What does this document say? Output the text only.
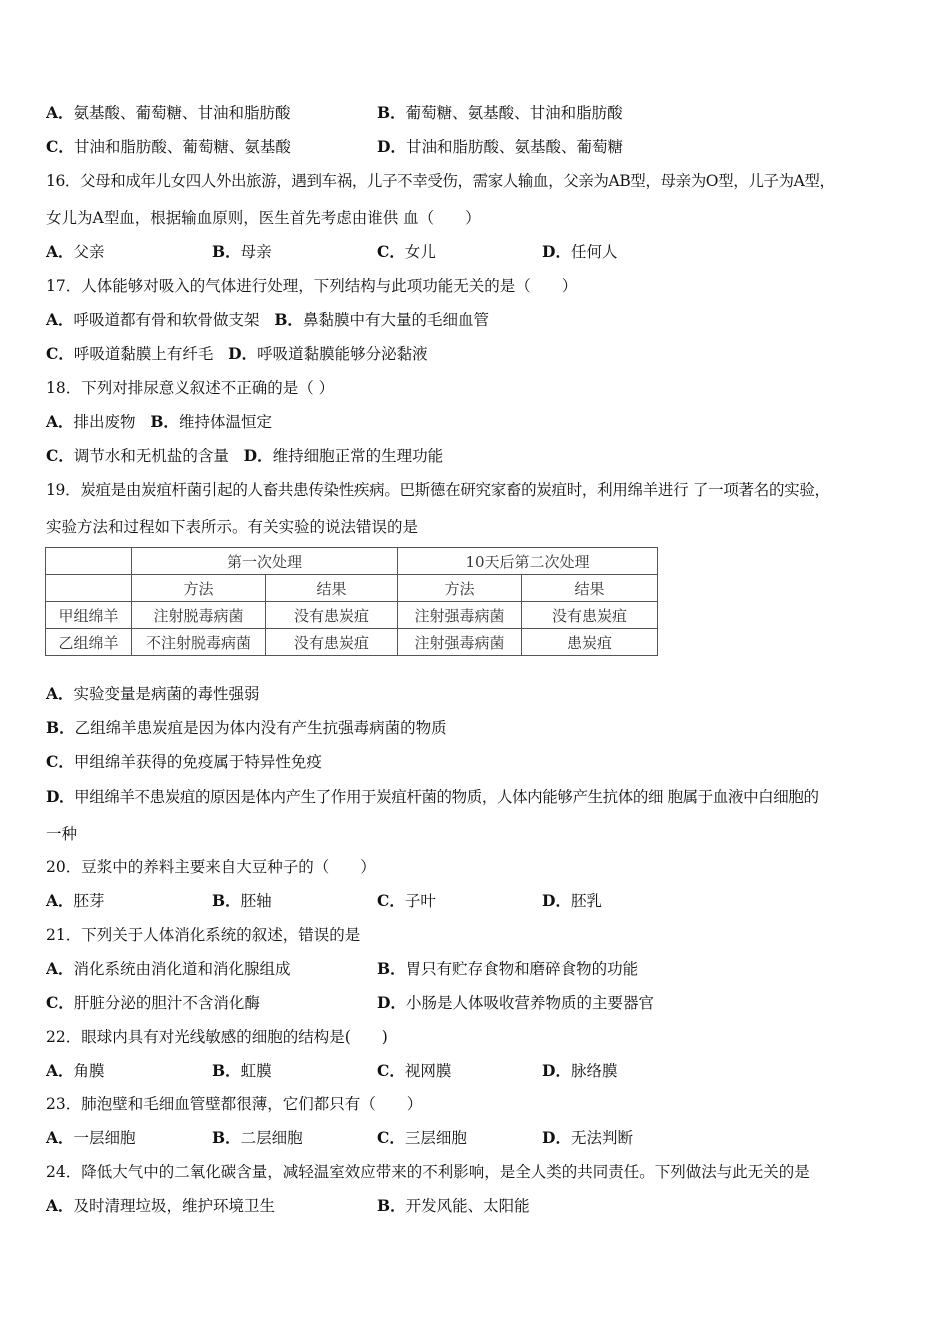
A．氨基酸、葡萄糖、甘油和脂肪酸	B．葡萄糖、氨基酸、甘油和脂肪酸
C．甘油和脂肪酸、葡萄糖、氨基酸	D．甘油和脂肪酸、氨基酸、葡萄糖
16．父母和成年儿女四人外出旅游，遇到车祸，儿子不幸受伤，需家人输血，父亲为AB型，母亲为O型，儿子为A型，
女儿为A型血，根据输血原则，医生首先考虑由谁供 血（　　）
A．父亲	B．母亲	C．女儿	D．任何人
17．人体能够对吸入的气体进行处理，下列结构与此项功能无关的是（　　）
A．呼吸道都有骨和软骨做支架 B．鼻黏膜中有大量的毛细血管
C．呼吸道黏膜上有纤毛 D．呼吸道黏膜能够分泌黏液
18．下列对排尿意义叙述不正确的是（ ）
A．排出废物 B．维持体温恒定
C．调节水和无机盐的含量 D．维持细胞正常的生理功能
19．炭疽是由炭疽杆菌引起的人畜共患传染性疾病。巴斯德在研究家畜的炭疽时，利用绵羊进行 了一项著名的实验，
实验方法和过程如下表所示。有关实验的说法错误的是
	第一次处理		10天后第二次处理	
	方法	结果	方法	结果
甲组绵羊	注射脱毒病菌	没有患炭疽	注射强毒病菌	没有患炭疽
乙组绵羊	不注射脱毒病菌	没有患炭疽	注射强毒病菌	患炭疽
A．实验变量是病菌的毒性强弱
B．乙组绵羊患炭疽是因为体内没有产生抗强毒病菌的物质
C．甲组绵羊获得的免疫属于特异性免疫
D．甲组绵羊不患炭疽的原因是体内产生了作用于炭疽杆菌的物质，人体内能够产生抗体的细 胞属于血液中白细胞的
一种
20．豆浆中的养料主要来自大豆种子的（　　）
A．胚芽	B．胚轴	C．子叶	D．胚乳
21．下列关于人体消化系统的叙述，错误的是
A．消化系统由消化道和消化腺组成	B．胃只有贮存食物和磨碎食物的功能
C．肝脏分泌的胆汁不含消化酶	D．小肠是人体吸收营养物质的主要器官
22．眼球内具有对光线敏感的细胞的结构是(　　)
A．角膜	B．虹膜	C．视网膜	D．脉络膜
23．肺泡壁和毛细血管壁都很薄，它们都只有（　　）
A．一层细胞	B．二层细胞	C．三层细胞	D．无法判断
24．降低大气中的二氧化碳含量，减轻温室效应带来的不利影响，是全人类的共同责任。下列做法与此无关的是
A．及时清理垃圾，维护环境卫生	B．开发风能、太阳能
